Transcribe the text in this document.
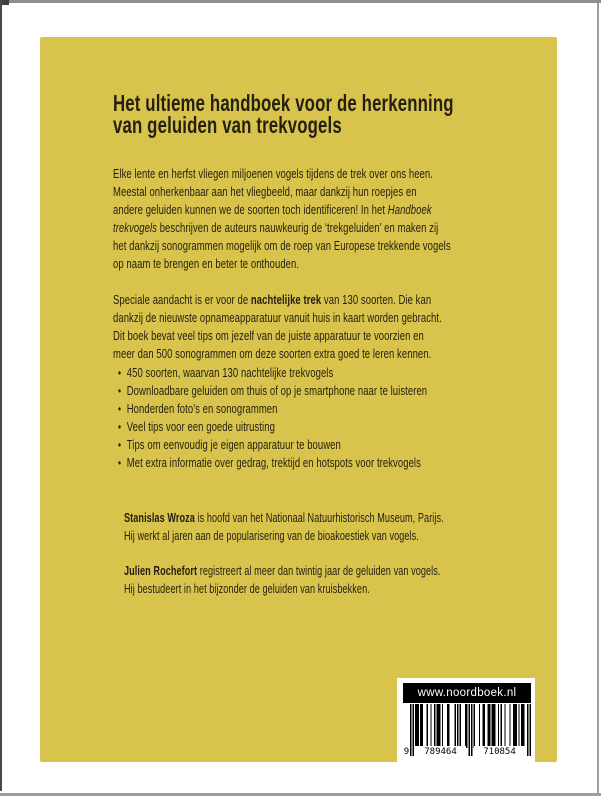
Het ultieme handboek voor de herkenning
van geluiden van trekvogels
Elke lente en herfst vliegen miljoenen vogels tijdens de trek over ons heen.
Meestal onherkenbaar aan het vliegbeeld, maar dankzij hun roepjes en
andere geluiden kunnen we de soorten toch identificeren! In het Handboek
trekvogels beschrijven de auteurs nauwkeurig de ‘trekgeluiden’ en maken zij
het dankzij sonogrammen mogelijk om de roep van Europese trekkende vogels
op naam te brengen en beter te onthouden.
Speciale aandacht is er voor de nachtelijke trek van 130 soorten. Die kan
dankzij de nieuwste opnameapparatuur vanuit huis in kaart worden gebracht.
Dit boek bevat veel tips om jezelf van de juiste apparatuur te voorzien en
meer dan 500 sonogrammen om deze soorten extra goed te leren kennen.
• 450 soorten, waarvan 130 nachtelijke trekvogels
• Downloadbare geluiden om thuis of op je smartphone naar te luisteren
• Honderden foto's en sonogrammen
• Veel tips voor een goede uitrusting
• Tips om eenvoudig je eigen apparatuur te bouwen
• Met extra informatie over gedrag, trektijd en hotspots voor trekvogels
Stanislas Wroza is hoofd van het Nationaal Natuurhistorisch Museum, Parijs.
Hij werkt al jaren aan de popularisering van de bioakoestiek van vogels.
Julien Rochefort registreert al meer dan twintig jaar de geluiden van vogels.
Hij bestudeert in het bijzonder de geluiden van kruisbekken.
www.noordboek.nl
9	789464	710854
